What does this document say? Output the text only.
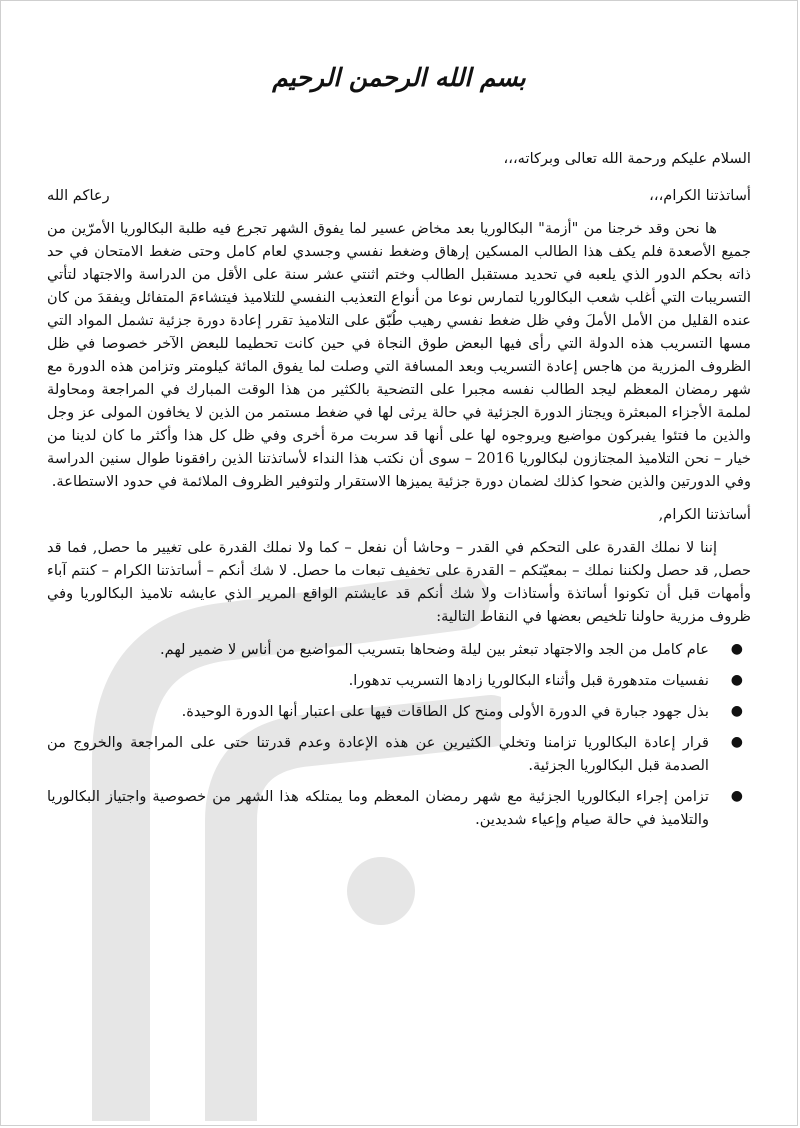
بسم الله الرحمن الرحيم

السلام عليكم ورحمة الله تعالى وبركاته،،،

أساتذتنا الكرام،،،
رعاكم الله

ها نحن وقد خرجنا من "أزمة" البكالوريا بعد مخاض عسير لما يفوق الشهر تجرع فيه طلبة البكالوريا الأمرّين من جميع الأصعدة فلم يكف هذا الطالب المسكين إرهاق وضغط نفسي وجسدي لعام كامل وحتى ضغط الامتحان في حد ذاته بحكم الدور الذي يلعبه في تحديد مستقبل الطالب وختم اثنتي عشر سنة على الأقل من الدراسة والاجتهاد لتأتي التسريبات التي أغلب شعب البكالوريا لتمارس نوعا من أنواع التعذيب النفسي للتلاميذ فيتشاءمَ المتفائل ويفقدَ من كان عنده القليل من الأمل الأملَ وفي ظل ضغط نفسي رهيب طُبّق على التلاميذ تقرر إعادة دورة جزئية تشمل المواد التي مسها التسريب هذه الدولة التي رأى فيها البعض طوق النجاة في حين كانت تحطيما للبعض الآخر خصوصا في ظل الظروف المزرية من هاجس إعادة التسريب وبعد المسافة التي وصلت لما يفوق المائة كيلومتر وتزامن هذه الدورة مع شهر رمضان المعظم ليجد الطالب نفسه مجبرا على التضحية بالكثير من هذا الوقت المبارك في المراجعة ومحاولة لملمة الأجزاء المبعثرة ويجتاز الدورة الجزئية في حالة يرثى لها في ضغط مستمر من الذين لا يخافون المولى عز وجل والذين ما فتئوا يفبركون مواضيع ويروجوه لها على أنها قد سربت مرة أخرى وفي ظل كل هذا وأكثر ما كان لدينا من خيار – نحن التلاميذ المجتازون لبكالوريا 2016 – سوى أن نكتب هذا النداء لأساتذتنا الذين رافقونا طوال سنين الدراسة وفي الدورتين والذين ضحوا كذلك لضمان دورة جزئية يميزها الاستقرار ولتوفير الظروف الملائمة في حدود الاستطاعة.

أساتذتنا الكرام,

إننا لا نملك القدرة على التحكم في القدر – وحاشا أن نفعل – كما ولا نملك القدرة على تغيير ما حصل, فما قد حصل, قد حصل ولكننا نملك – بمعيّتكم – القدرة على تخفيف تبعات ما حصل. لا شك أنكم – أساتذتنا الكرام – كنتم آباء وأمهات قبل أن تكونوا أساتذة وأستاذات ولا شك أنكم قد عايشتم الواقع المرير الذي عايشه تلاميذ البكالوريا وفي ظروف مزرية حاولنا تلخيص بعضها في النقاط التالية:

●
عام كامل من الجد والاجتهاد تبعثر بين ليلة وضحاها بتسريب المواضيع من أناس لا ضمير لهم.
●
نفسيات متدهورة قبل وأثناء البكالوريا زادها التسريب تدهورا.
●
بذل جهود جبارة في الدورة الأولى ومنح كل الطاقات فيها على اعتبار أنها الدورة الوحيدة.
●
قرار إعادة البكالوريا تزامنا وتخلي الكثيرين عن هذه الإعادة وعدم قدرتنا حتى على المراجعة والخروج من الصدمة قبل البكالوريا الجزئية.
●
تزامن إجراء البكالوريا الجزئية مع شهر رمضان المعظم وما يمتلكه هذا الشهر من خصوصية واجتياز البكالوريا والتلاميذ في حالة صيام وإعياء شديدين.
